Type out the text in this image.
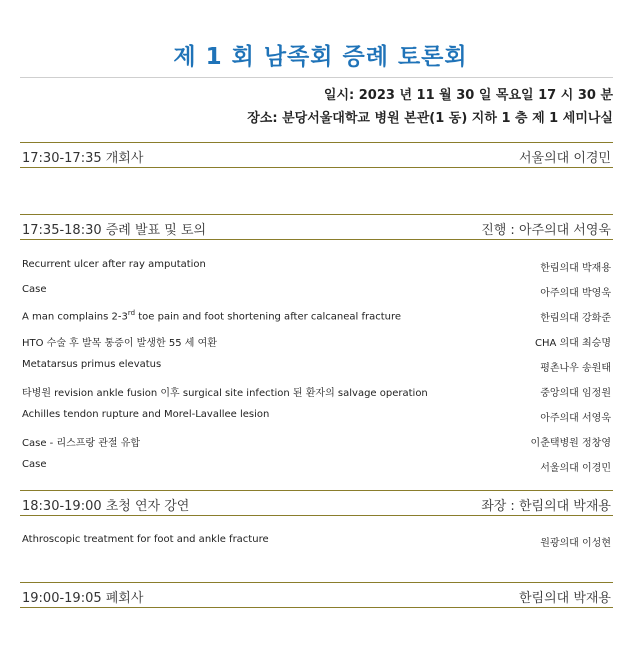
제 1 회 남족회 증례 토론회
일시: 2023 년 11 월 30 일 목요일 17 시 30 분
장소: 분당서울대학교 병원 본관(1 동) 지하 1 층 제 1 세미나실
17:30-17:35 개회사	서울의대 이경민
17:35-18:30 증례 발표 및 토의	진행 : 아주의대 서영욱
Recurrent ulcer after ray amputation	한림의대 박재용
Case	아주의대 박영욱
A man complains 2-3rd toe pain and foot shortening after calcaneal fracture	한림의대 강화준
HTO 수술 후 발목 통증이 발생한 55 세 여환	CHA 의대 최승명
Metatarsus primus elevatus	평촌나우 송원태
타병원 revision ankle fusion 이후 surgical site infection 된 환자의 salvage operation	중앙의대 임정원
Achilles tendon rupture and Morel-Lavallee lesion	아주의대 서영욱
Case - 리스프랑 관절 유합	이춘택병원 정창영
Case	서울의대 이경민
18:30-19:00 초청 연자 강연	좌장 : 한림의대 박재용
Athroscopic treatment for foot and ankle fracture	원광의대 이성현
19:00-19:05 폐회사	한림의대 박재용
